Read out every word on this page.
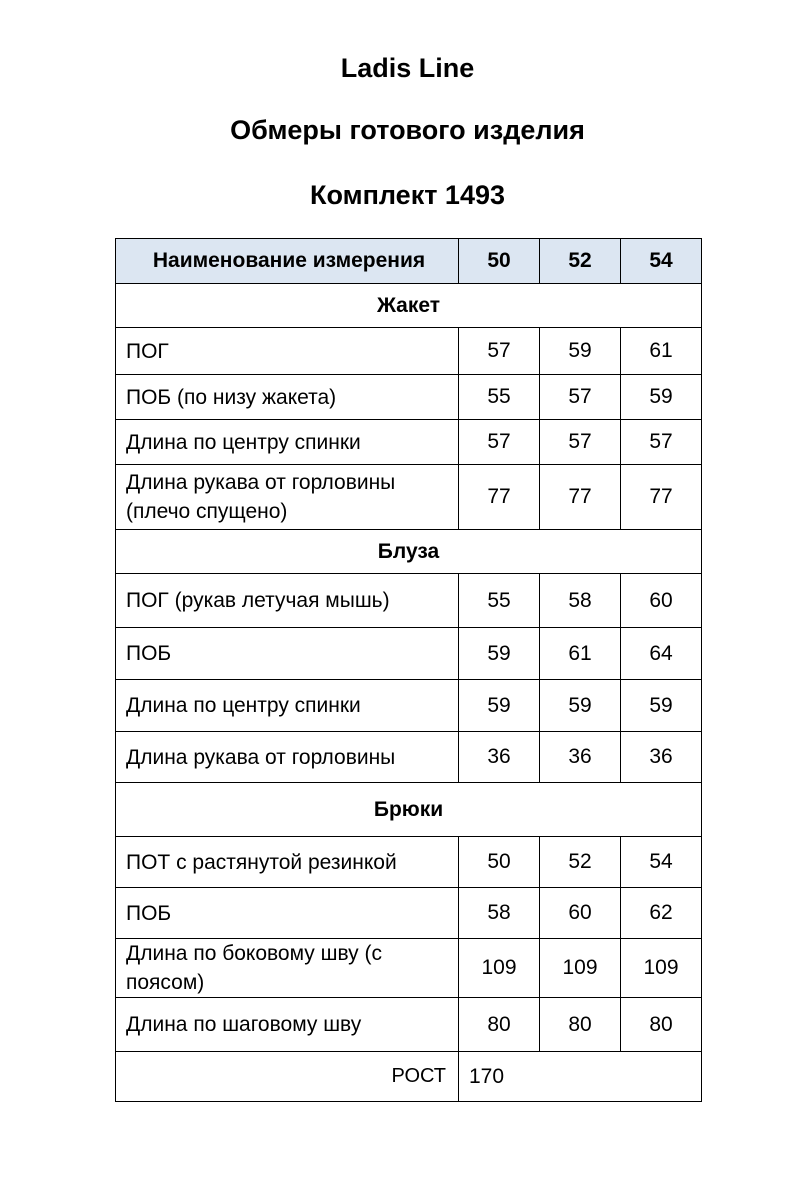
Ladis Line
Обмеры готового изделия
Комплект 1493
Наименование измерения	50	52	54
Жакет			
ПОГ	57	59	61
ПОБ (по низу жакета)	55	57	59
Длина по центру спинки	57	57	57
Длина рукава от горловины (плечо спущено)	77	77	77
Блуза			
ПОГ (рукав летучая мышь)	55	58	60
ПОБ	59	61	64
Длина по центру спинки	59	59	59
Длина рукава от горловины	36	36	36
Брюки			
ПОТ с растянутой резинкой	50	52	54
ПОБ	58	60	62
Длина по боковому шву (с поясом)	109	109	109
Длина по шаговому шву	80	80	80
РОСТ	170		
